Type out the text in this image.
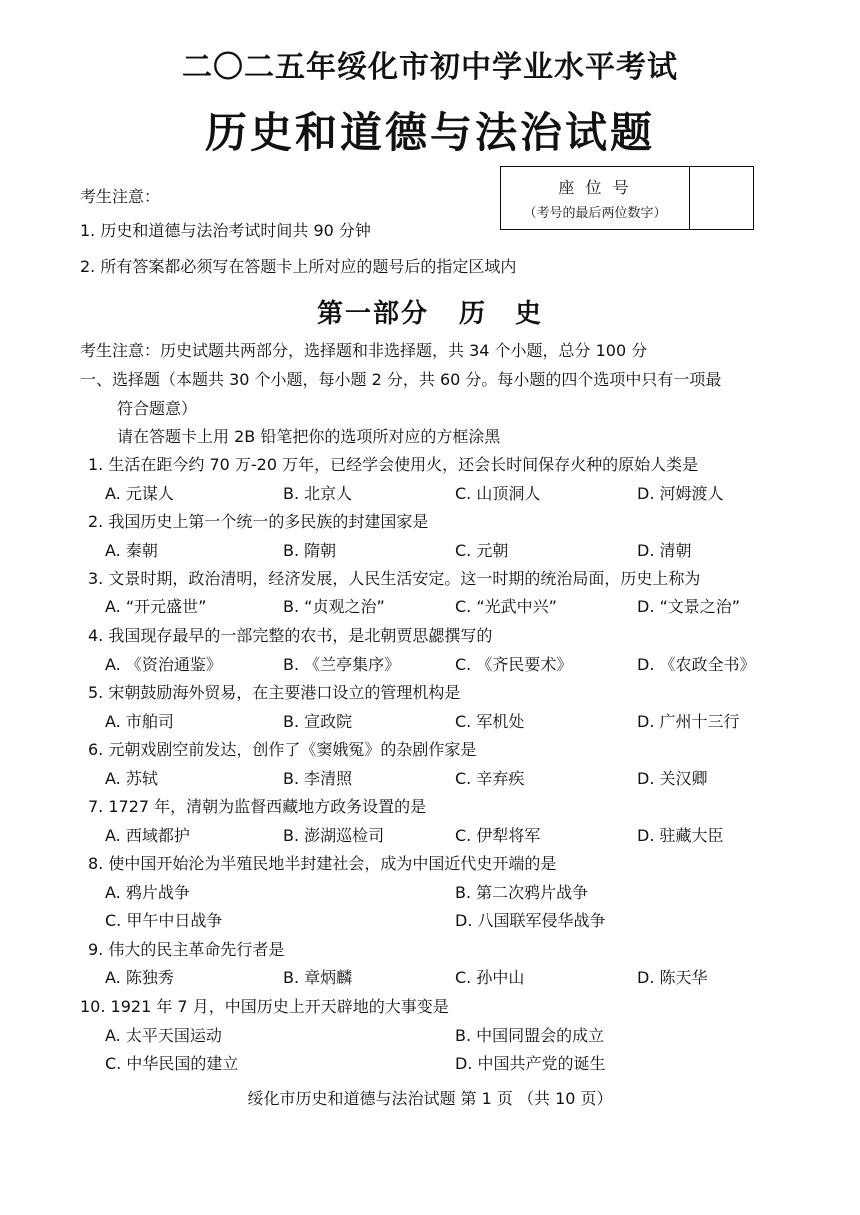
二〇二五年绥化市初中学业水平考试
历史和道德与法治试题
考生注意：
1. 历史和道德与法治考试时间共 90 分钟
2. 所有答案都必须写在答题卡上所对应的题号后的指定区域内
座 位 号
（考号的最后两位数字）
第一部分 历　史
考生注意：历史试题共两部分，选择题和非选择题，共 34 个小题，总分 100 分
一、选择题（本题共 30 个小题，每小题 2 分，共 60 分。每小题的四个选项中只有一项最
符合题意）
请在答题卡上用 2B 铅笔把你的选项所对应的方框涂黑
1. 生活在距今约 70 万-20 万年，已经学会使用火，还会长时间保存火种的原始人类是
A. 元谋人	B. 北京人	C. 山顶洞人	D. 河姆渡人
2. 我国历史上第一个统一的多民族的封建国家是
A. 秦朝	B. 隋朝	C. 元朝	D. 清朝
3. 文景时期，政治清明，经济发展，人民生活安定。这一时期的统治局面，历史上称为
A. “开元盛世”	B. “贞观之治”	C. “光武中兴”	D. “文景之治”
4. 我国现存最早的一部完整的农书，是北朝贾思勰撰写的
A. 《资治通鉴》	B. 《兰亭集序》	C. 《齐民要术》	D. 《农政全书》
5. 宋朝鼓励海外贸易，在主要港口设立的管理机构是
A. 市舶司	B. 宣政院	C. 军机处	D. 广州十三行
6. 元朝戏剧空前发达，创作了《窦娥冤》的杂剧作家是
A. 苏轼	B. 李清照	C. 辛弃疾	D. 关汉卿
7. 1727 年，清朝为监督西藏地方政务设置的是
A. 西域都护	B. 澎湖巡检司	C. 伊犁将军	D. 驻藏大臣
8. 使中国开始沦为半殖民地半封建社会，成为中国近代史开端的是
A. 鸦片战争	B. 第二次鸦片战争
C. 甲午中日战争	D. 八国联军侵华战争
9. 伟大的民主革命先行者是
A. 陈独秀	B. 章炳麟	C. 孙中山	D. 陈天华
10. 1921 年 7 月，中国历史上开天辟地的大事变是
A. 太平天国运动	B. 中国同盟会的成立
C. 中华民国的建立	D. 中国共产党的诞生
绥化市历史和道德与法治试题 第 1 页 （共 10 页）
